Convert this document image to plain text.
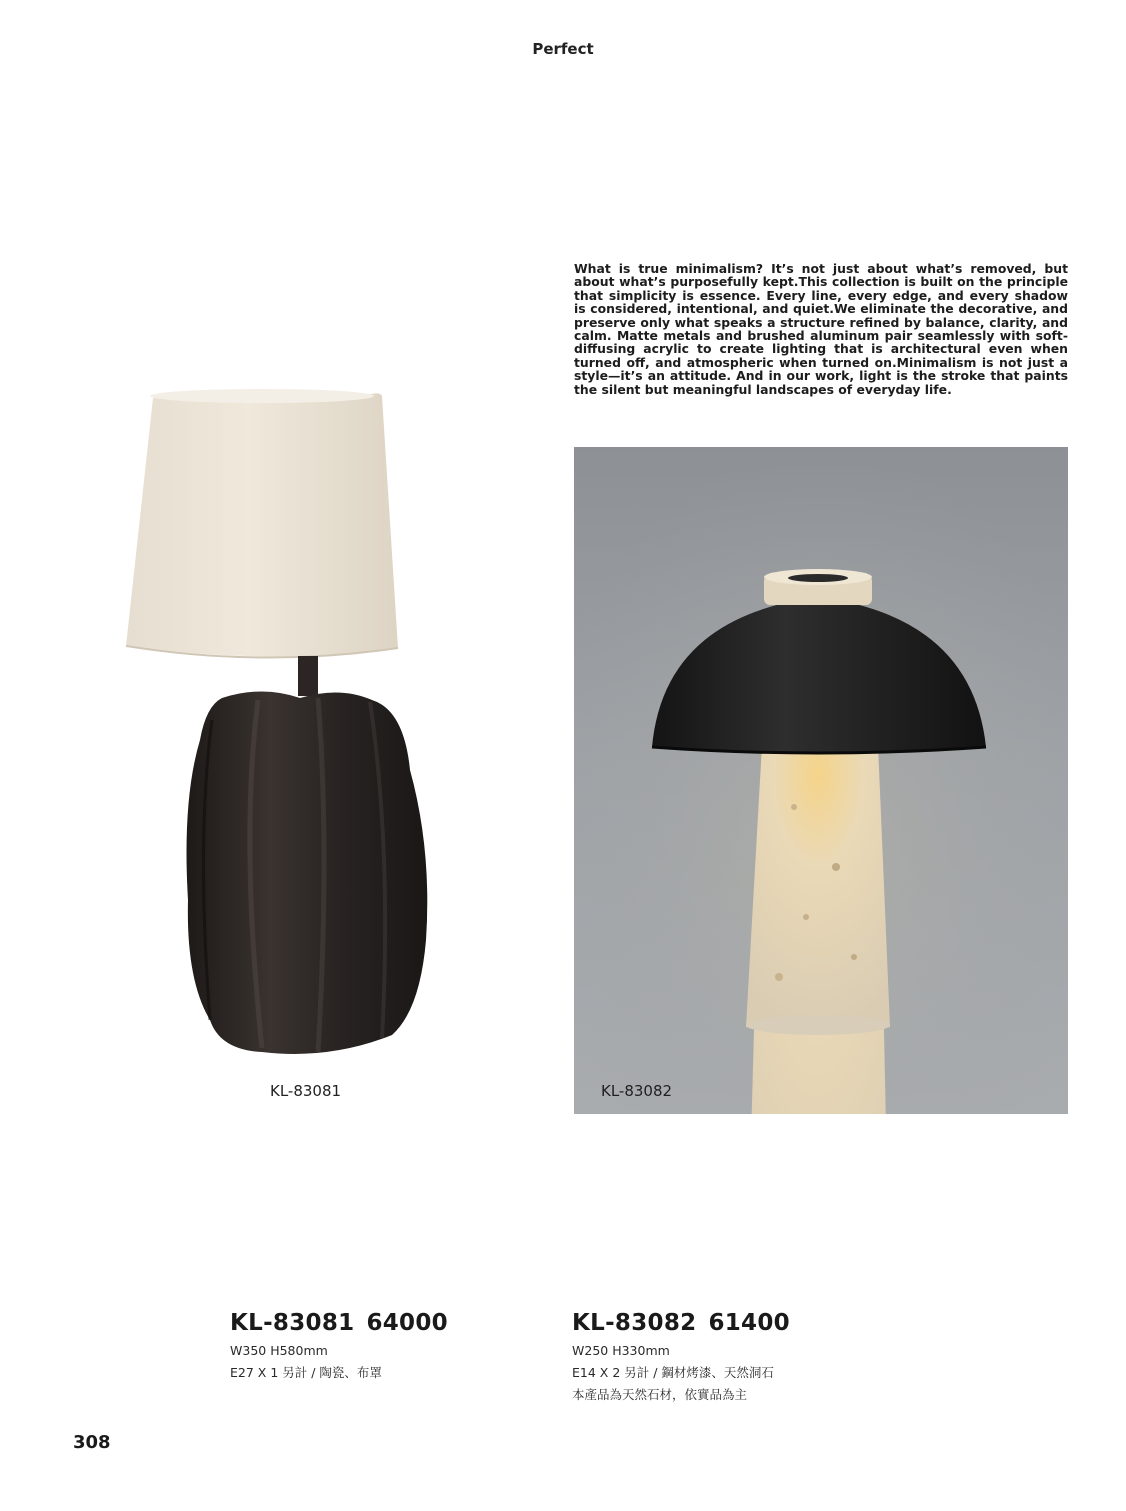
Perfect

What is true minimalism? It’s not just about what’s removed, but about what’s purposefully kept.This collection is built on the principle that simplicity is essence. Every line, every edge, and every shadow is considered, intentional, and quiet.We eliminate the decorative, and preserve only what speaks a structure refined by balance, clarity, and calm. Matte metals and brushed aluminum pair seamlessly with soft-diffusing acrylic to create lighting that is architectural even when turned off, and atmospheric when turned on.Minimalism is not just a style—it’s an attitude. And in our work, light is the stroke that paints the silent but meaningful landscapes of everyday life.

KL-83081	KL-83082
KL-83081 64000
W350 H580mm
E27 X 1 另計 / 陶瓷、布罩
KL-83082 61400
W250 H330mm
E14 X 2 另計 / 鋼材烤漆、天然洞石
本產品為天然石材，依實品為主
308
